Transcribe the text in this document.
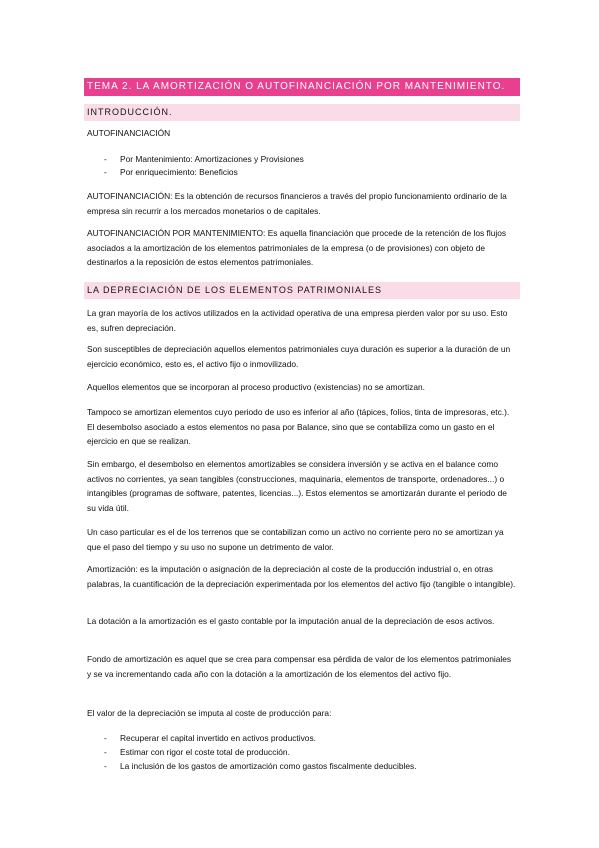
TEMA 2. LA AMORTIZACIÓN O AUTOFINANCIACIÓN POR MANTENIMIENTO.
INTRODUCCIÓN.

AUTOFINANCIACIÓN

- Por Mantenimiento: Amortizaciones y Provisiones
- Por enriquecimiento: Beneficios

AUTOFINANCIACIÓN: Es la obtención de recursos financieros a través del propio funcionamiento ordinario de la empresa sin recurrir a los mercados monetarios o de capitales.

AUTOFINANCIACIÓN POR MANTENIMIENTO: Es aquella financiación que procede de la retención de los flujos asociados a la amortización de los elementos patrimoniales de la empresa (o de provisiones) con objeto de destinarlos a la reposición de estos elementos patrimoniales.

LA DEPRECIACIÓN DE LOS ELEMENTOS PATRIMONIALES

La gran mayoría de los activos utilizados en la actividad operativa de una empresa pierden valor por su uso. Esto es, sufren depreciación.

Son susceptibles de depreciación aquellos elementos patrimoniales cuya duración es superior a la duración de un ejercicio económico, esto es, el activo fijo o inmovilizado.

Aquellos elementos que se incorporan al proceso productivo (existencias) no se amortizan.

Tampoco se amortizan elementos cuyo periodo de uso es inferior al año (tápices, folios, tinta de impresoras, etc.). El desembolso asociado a estos elementos no pasa por Balance, sino que se contabiliza como un gasto en el ejercicio en que se realizan.

Sin embargo, el desembolso en elementos amortizables se considera inversión y se activa en el balance como activos no corrientes, ya sean tangibles (construcciones, maquinaria, elementos de transporte, ordenadores...) o intangibles (programas de software, patentes, licencias...). Estos elementos se amortizarán durante el periodo de su vida útil.

Un caso particular es el de los terrenos que se contabilizan como un activo no corriente pero no se amortizan ya que el paso del tiempo y su uso no supone un detrimento de valor.

Amortización: es la imputación o asignación de la depreciación al coste de la producción industrial o, en otras palabras, la cuantificación de la depreciación experimentada por los elementos del activo fijo (tangible o intangible).

La dotación a la amortización es el gasto contable por la imputación anual de la depreciación de esos activos.

Fondo de amortización es aquel que se crea para compensar esa pérdida de valor de los elementos patrimoniales y se va incrementando cada año con la dotación a la amortización de los elementos del activo fijo.

El valor de la depreciación se imputa al coste de producción para:

- Recuperar el capital invertido en activos productivos.
- Estimar con rigor el coste total de producción.
- La inclusión de los gastos de amortización como gastos fiscalmente deducibles.
